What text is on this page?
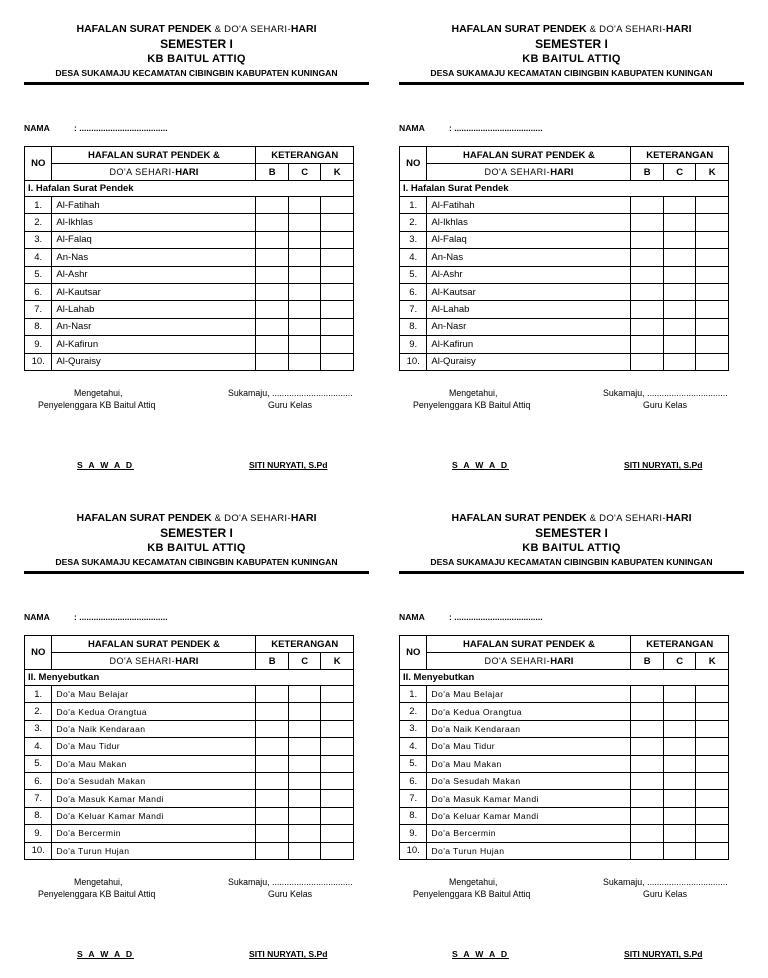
HAFALAN SURAT PENDEK & DO'A SEHARI-HARI
SEMESTER I
KB BAITUL ATTIQ
DESA SUKAMAJU KECAMATAN CIBINGBIN KABUPATEN KUNINGAN
NAMA	: .....................................
NO	HAFALAN SURAT PENDEK &	KETERANGAN		
	DO'A SEHARI-HARI	B	C	K
I. Hafalan Surat Pendek				
1.	Al-Fatihah			
2.	Al-Ikhlas			
3.	Al-Falaq			
4.	An-Nas			
5.	Al-Ashr			
6.	Al-Kautsar			
7.	Al-Lahab			
8.	An-Nasr			
9.	Al-Kafirun			
10.	Al-Quraisy			
Mengetahui,
Penyelenggara KB Baitul Attiq
Sukamaju, .................................
Guru Kelas
S A W A D	SITI NURYATI, S.Pd
HAFALAN SURAT PENDEK & DO'A SEHARI-HARI
SEMESTER I
KB BAITUL ATTIQ
DESA SUKAMAJU KECAMATAN CIBINGBIN KABUPATEN KUNINGAN
NAMA	: .....................................
NO	HAFALAN SURAT PENDEK &	KETERANGAN		
	DO'A SEHARI-HARI	B	C	K
I. Hafalan Surat Pendek				
1.	Al-Fatihah			
2.	Al-Ikhlas			
3.	Al-Falaq			
4.	An-Nas			
5.	Al-Ashr			
6.	Al-Kautsar			
7.	Al-Lahab			
8.	An-Nasr			
9.	Al-Kafirun			
10.	Al-Quraisy			
Mengetahui,
Penyelenggara KB Baitul Attiq
Sukamaju, .................................
Guru Kelas
S A W A D	SITI NURYATI, S.Pd
HAFALAN SURAT PENDEK & DO'A SEHARI-HARI
SEMESTER I
KB BAITUL ATTIQ
DESA SUKAMAJU KECAMATAN CIBINGBIN KABUPATEN KUNINGAN
NAMA	: .....................................
NO	HAFALAN SURAT PENDEK &	KETERANGAN		
	DO'A SEHARI-HARI	B	C	K
II. Menyebutkan				
1.	Do'a Mau Belajar			
2.	Do'a Kedua Orangtua			
3.	Do'a Naik Kendaraan			
4.	Do'a Mau Tidur			
5.	Do'a Mau Makan			
6.	Do'a Sesudah Makan			
7.	Do'a Masuk Kamar Mandi			
8.	Do'a Keluar Kamar Mandi			
9.	Do'a Bercermin			
10.	Do'a Turun Hujan			
Mengetahui,
Penyelenggara KB Baitul Attiq
Sukamaju, .................................
Guru Kelas
S A W A D	SITI NURYATI, S.Pd
HAFALAN SURAT PENDEK & DO'A SEHARI-HARI
SEMESTER I
KB BAITUL ATTIQ
DESA SUKAMAJU KECAMATAN CIBINGBIN KABUPATEN KUNINGAN
NAMA	: .....................................
NO	HAFALAN SURAT PENDEK &	KETERANGAN		
	DO'A SEHARI-HARI	B	C	K
II. Menyebutkan				
1.	Do'a Mau Belajar			
2.	Do'a Kedua Orangtua			
3.	Do'a Naik Kendaraan			
4.	Do'a Mau Tidur			
5.	Do'a Mau Makan			
6.	Do'a Sesudah Makan			
7.	Do'a Masuk Kamar Mandi			
8.	Do'a Keluar Kamar Mandi			
9.	Do'a Bercermin			
10.	Do'a Turun Hujan			
Mengetahui,
Penyelenggara KB Baitul Attiq
Sukamaju, .................................
Guru Kelas
S A W A D	SITI NURYATI, S.Pd
